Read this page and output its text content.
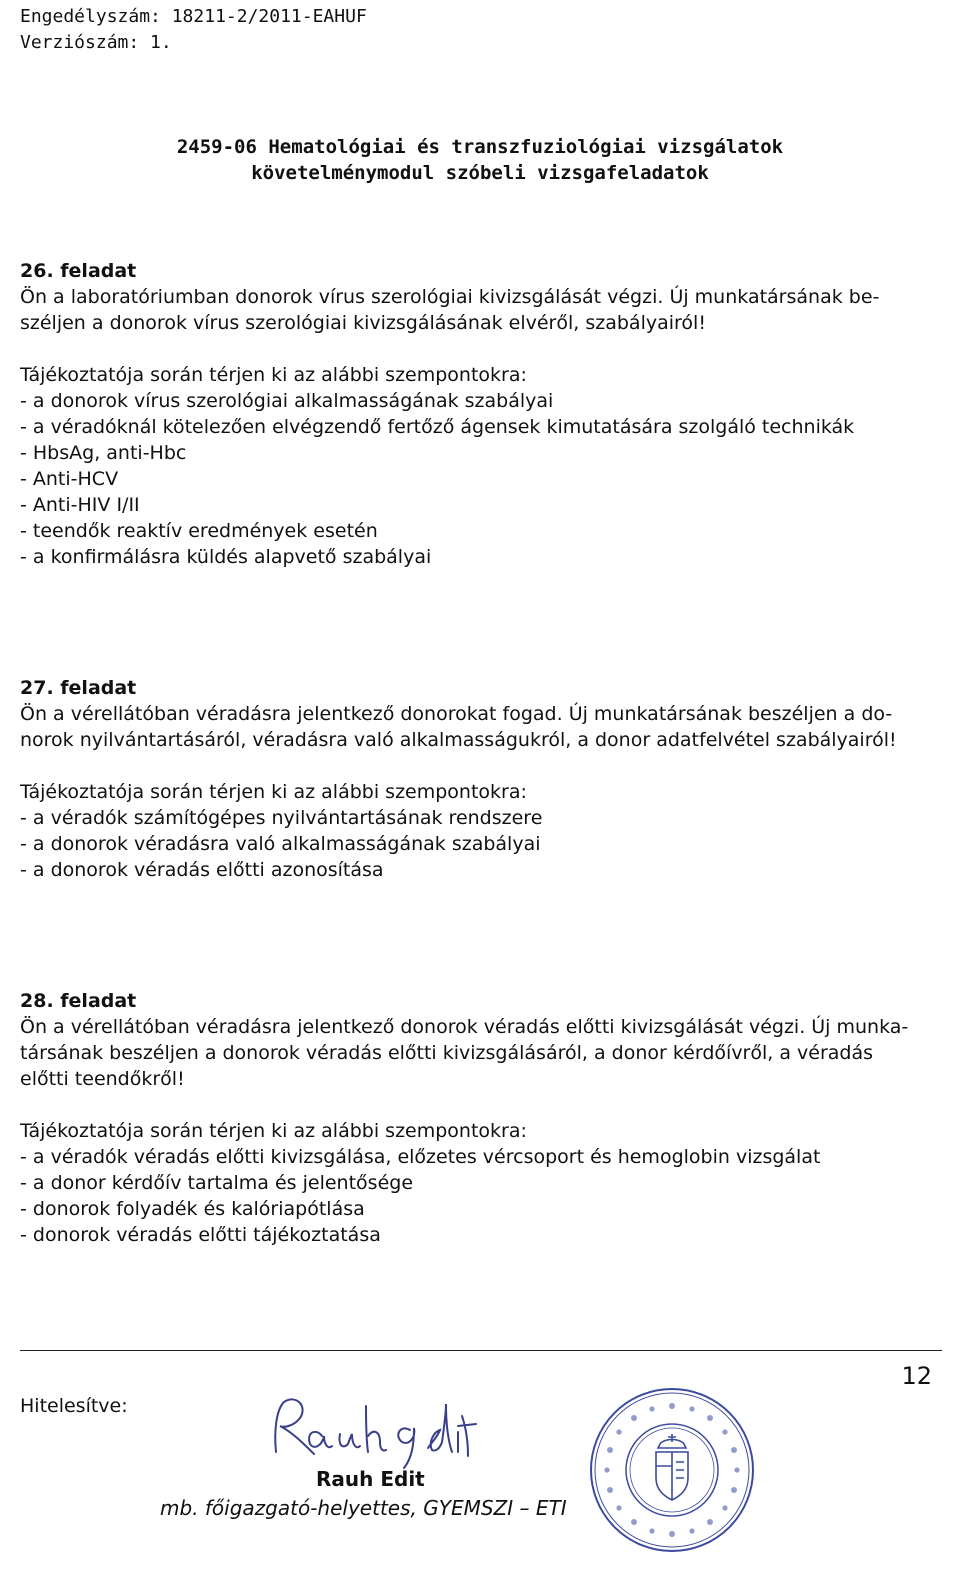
Engedélyszám: 18211-2/2011-EAHUF
Verziószám: 1.
2459-06 Hematológiai és transzfuziológiai vizsgálatok
követelménymodul szóbeli vizsgafeladatok

26. feladat

Ön a laboratóriumban donorok vírus szerológiai kivizsgálását végzi. Új munkatársának be-

széljen a donorok vírus szerológiai kivizsgálásának elvéről, szabályairól!

Tájékoztatója során térjen ki az alábbi szempontokra:

- a donorok vírus szerológiai alkalmasságának szabályai
- a véradóknál kötelezően elvégzendő fertőző ágensek kimutatására szolgáló technikák
- HbsAg, anti-Hbc
- Anti-HCV
- Anti-HIV I/II
- teendők reaktív eredmények esetén
- a konfirmálásra küldés alapvető szabályai

27. feladat

Ön a vérellátóban véradásra jelentkező donorokat fogad. Új munkatársának beszéljen a do-

norok nyilvántartásáról, véradásra való alkalmasságukról, a donor adatfelvétel szabályairól!

Tájékoztatója során térjen ki az alábbi szempontokra:

- a véradók számítógépes nyilvántartásának rendszere
- a donorok véradásra való alkalmasságának szabályai
- a donorok véradás előtti azonosítása

28. feladat

Ön a vérellátóban véradásra jelentkező donorok véradás előtti kivizsgálását végzi. Új munka-

társának beszéljen a donorok véradás előtti kivizsgálásáról, a donor kérdőívről, a véradás

előtti teendőkről!

Tájékoztatója során térjen ki az alábbi szempontokra:

- a véradók véradás előtti kivizsgálása, előzetes vércsoport és hemoglobin vizsgálat
- a donor kérdőív tartalma és jelentősége
- donorok folyadék és kalóriapótlása
- donorok véradás előtti tájékoztatása
12
Hitelesítve:
Rauh Edit
mb. főigazgató-helyettes, GYEMSZI – ETI
